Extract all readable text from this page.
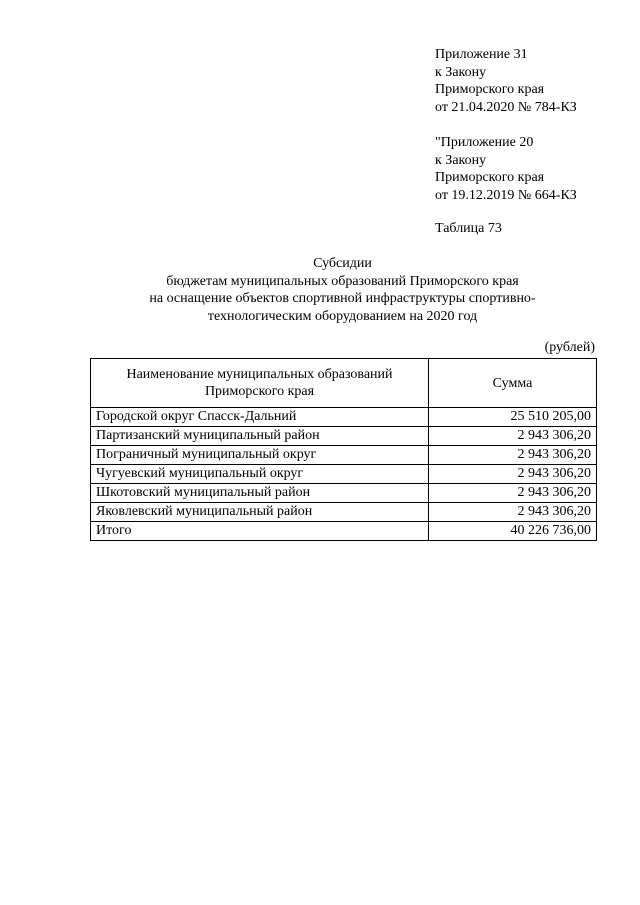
Приложение 31
к Закону
Приморского края
от 21.04.2020 № 784-КЗ
"Приложение 20
к Закону
Приморского края
от 19.12.2019 № 664-КЗ
Таблица 73
Субсидии
бюджетам муниципальных образований Приморского края
на оснащение объектов спортивной инфраструктуры спортивно-
технологическим оборудованием на 2020 год
(рублей)
Наименование муниципальных образований Приморского края	Сумма
Городской округ Спасск-Дальний	25 510 205,00
Партизанский муниципальный район	2 943 306,20
Пограничный муниципальный округ	2 943 306,20
Чугуевский муниципальный округ	2 943 306,20
Шкотовский муниципальный район	2 943 306,20
Яковлевский муниципальный район	2 943 306,20
Итого	40 226 736,00
